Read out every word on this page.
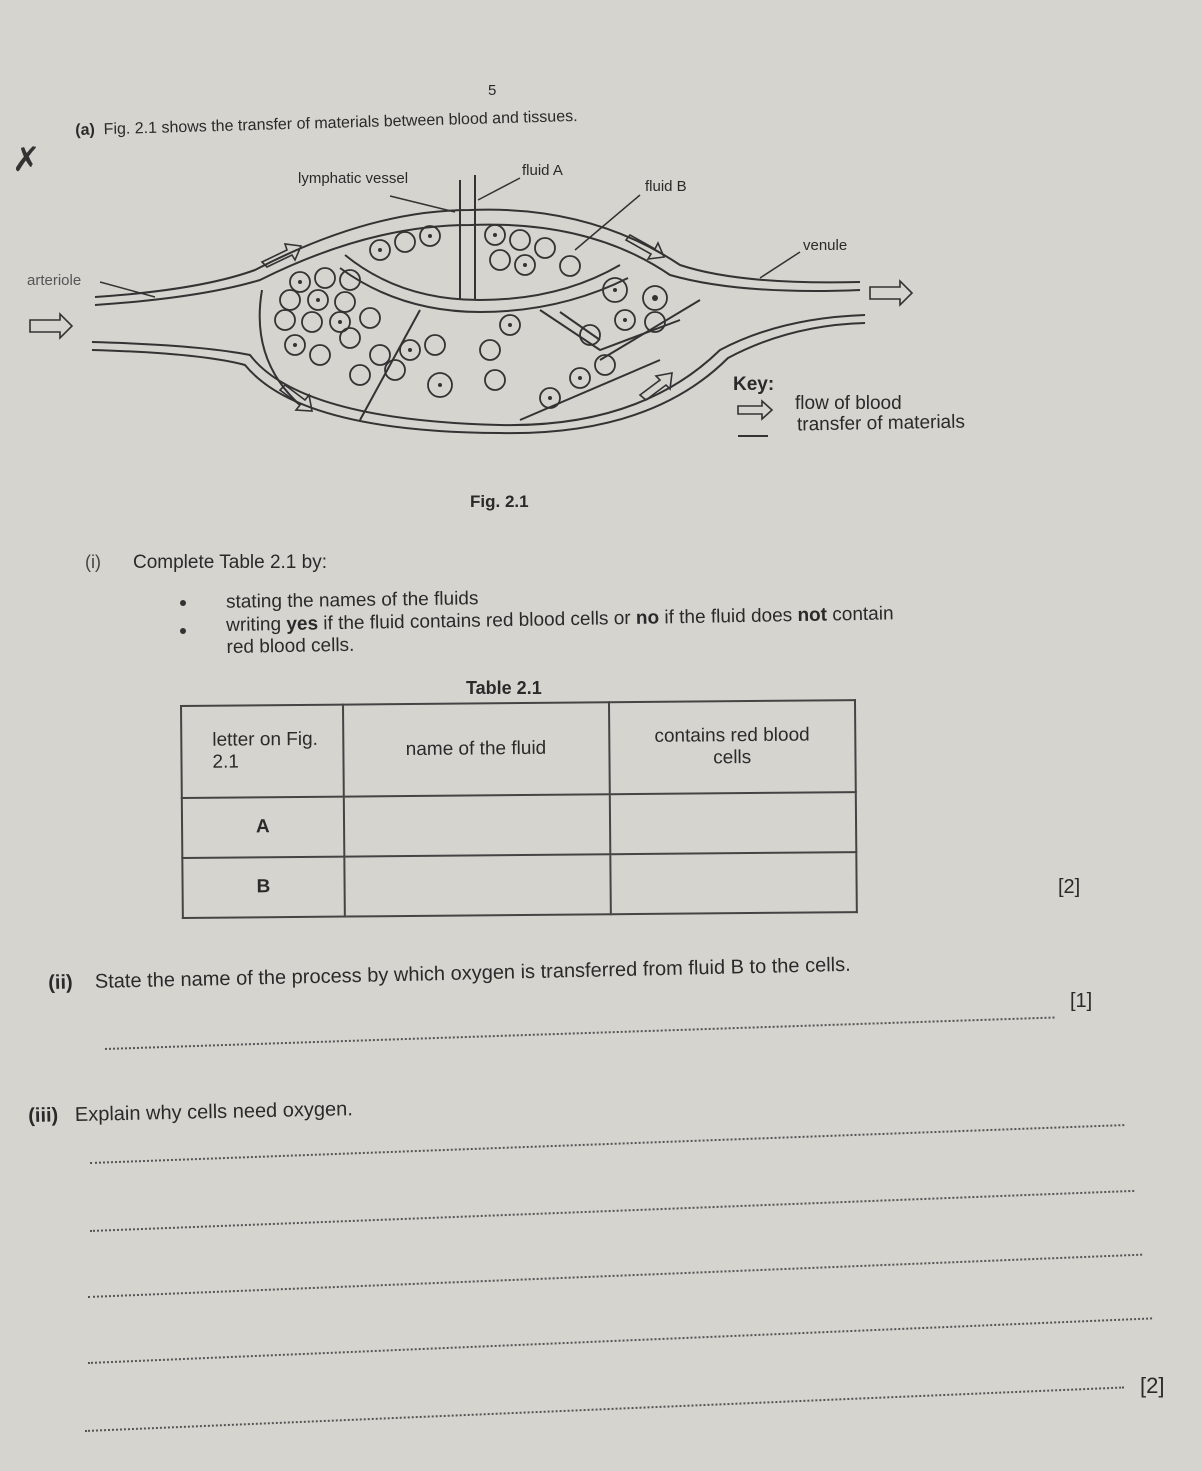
5
✗
(a) Fig. 2.1 shows the transfer of materials between blood and tissues.
lymphatic vessel	fluid A
fluid B
venule
arteriole
Key:
flow of blood
transfer of materials
Fig. 2.1
(i) Complete Table 2.1 by:
stating the names of the fluids
writing yes if the fluid contains red blood cells or no if the fluid does not contain
red blood cells.
Table 2.1
letter on Fig. 2.1	name of the fluid	contains red blood cells
A		
B			[2]
(ii) State the name of the process by which oxygen is transferred from fluid B to the cells.
[1]
(iii) Explain why cells need oxygen.
[2]
